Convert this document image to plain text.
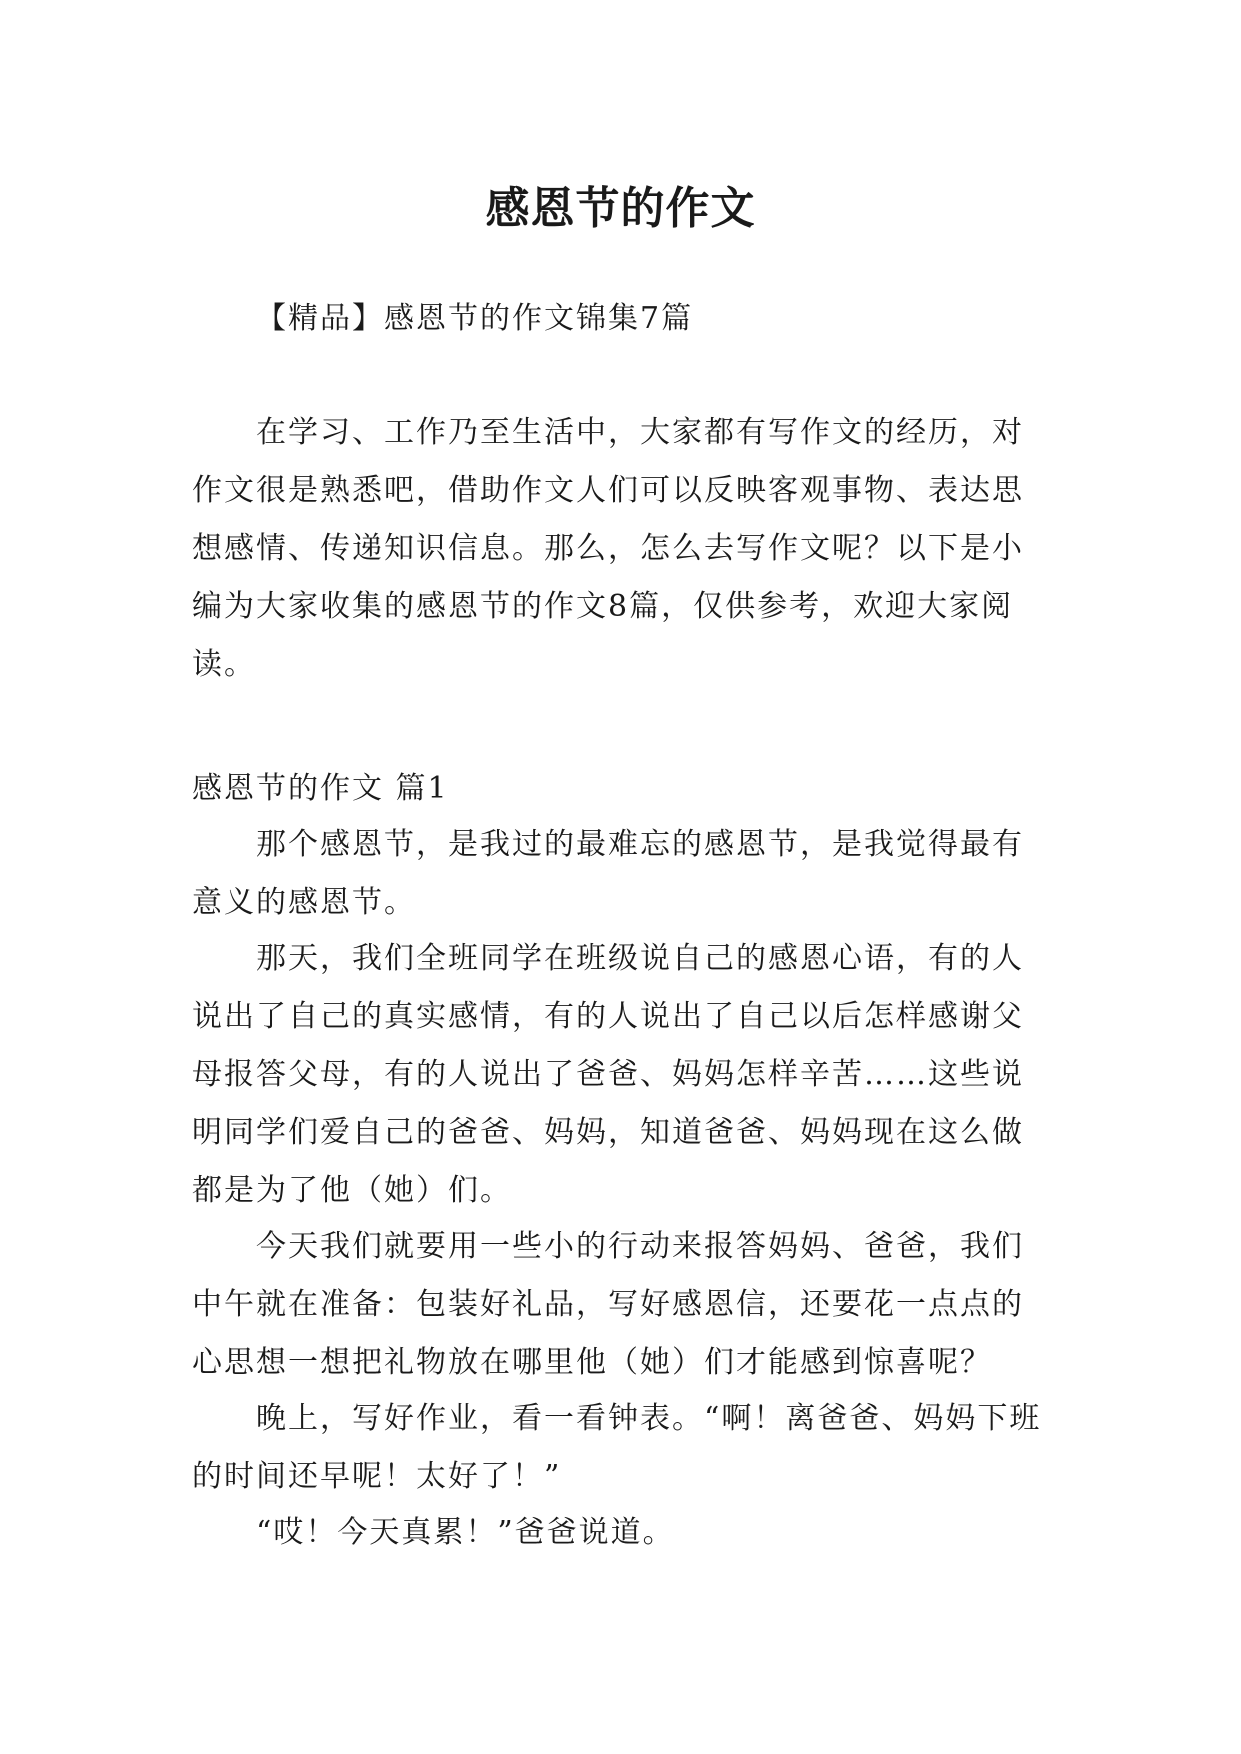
感恩节的作文

【精品】感恩节的作文锦集7篇

在学习、工作乃至生活中，大家都有写作文的经历，对作文很是熟悉吧，借助作文人们可以反映客观事物、表达思想感情、传递知识信息。那么，怎么去写作文呢？以下是小编为大家收集的感恩节的作文8篇，仅供参考，欢迎大家阅读。

感恩节的作文 篇1

那个感恩节，是我过的最难忘的感恩节，是我觉得最有意义的感恩节。

那天，我们全班同学在班级说自己的感恩心语，有的人说出了自己的真实感情，有的人说出了自己以后怎样感谢父母报答父母，有的人说出了爸爸、妈妈怎样辛苦……这些说明同学们爱自己的爸爸、妈妈，知道爸爸、妈妈现在这么做都是为了他（她）们。

今天我们就要用一些小的行动来报答妈妈、爸爸，我们中午就在准备：包装好礼品，写好感恩信，还要花一点点的心思想一想把礼物放在哪里他（她）们才能感到惊喜呢？

晚上，写好作业，看一看钟表。“啊！离爸爸、妈妈下班的时间还早呢！太好了！”

“哎！今天真累！”爸爸说道。
